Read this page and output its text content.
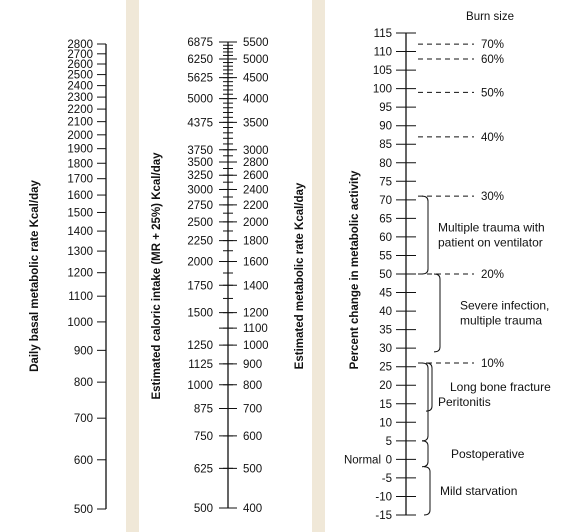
2800
2700
2600
2500
2400
2300
2200
2100
2000
1900
1800
1700
1600
1500
1400
1300
1200
1100
1000
900
800
700
600
500
Daily basal metabolic rate Kcal/day
6875	5500
6250	5000
5625	4500
5000	4000
4375	3500
3750	3000
3500	2800
3250	2600
3000	2400
2750	2200
2500	2000
2250	1800
2000	1600
1750	1400
1500	1200
1100
1250	1000
1125	900
1000	800
875	700
750	600
625	500
500	400
Estimated caloric intake (MR + 25%) Kcal/day	Estimated metabolic rate Kcal/day
115
110
105
100
95
90
85
80
75
70
65
60
55
50
45
40
35
30
25
20
15
10
5
0
-5
-10
-15
Normal
Burn size
70%
60%
50%
40%
30%
20%
10%
Multiple trauma with
patient on ventilator
Severe infection,
multiple trauma
Long bone fracture
Peritonitis
Postoperative
Mild starvation
Percent change in metabolic activity
